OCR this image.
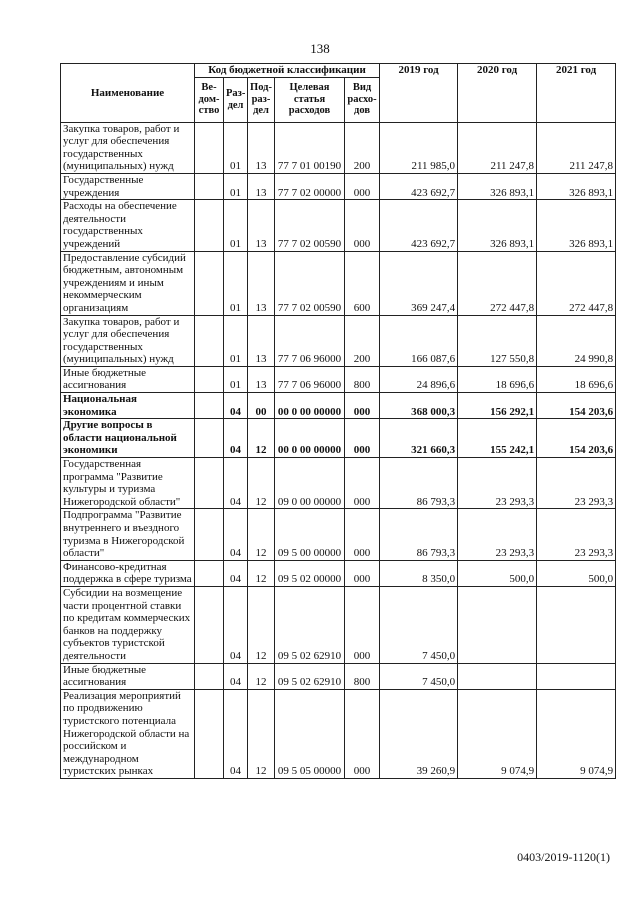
138
Наименование	Код бюджетной классификации					2019 год	2020 год	2021 год
	Ве-дом-ство	Раз-дел	Под-раз-дел	Целевая статья расходов	Вид расхо-дов			
Закупка товаров, работ и услуг для обеспечения государственных (муниципальных) нужд		01	13	77 7 01 00190	200	211 985,0	211 247,8	211 247,8
Государственные учреждения		01	13	77 7 02 00000	000	423 692,7	326 893,1	326 893,1
Расходы на обеспечение деятельности государственных учреждений		01	13	77 7 02 00590	000	423 692,7	326 893,1	326 893,1
Предоставление субсидий бюджетным, автономным учреждениям и иным некоммерческим организациям		01	13	77 7 02 00590	600	369 247,4	272 447,8	272 447,8
Закупка товаров, работ и услуг для обеспечения государственных (муниципальных) нужд		01	13	77 7 06 96000	200	166 087,6	127 550,8	24 990,8
Иные бюджетные ассигнования		01	13	77 7 06 96000	800	24 896,6	18 696,6	18 696,6
Национальная экономика		04	00	00 0 00 00000	000	368 000,3	156 292,1	154 203,6
Другие вопросы в области национальной экономики		04	12	00 0 00 00000	000	321 660,3	155 242,1	154 203,6
Государственная программа "Развитие культуры и туризма Нижегородской области"		04	12	09 0 00 00000	000	86 793,3	23 293,3	23 293,3
Подпрограмма "Развитие внутреннего и въездного туризма в Нижегородской области"		04	12	09 5 00 00000	000	86 793,3	23 293,3	23 293,3
Финансово-кредитная поддержка в сфере туризма		04	12	09 5 02 00000	000	8 350,0	500,0	500,0
Субсидии на возмещение части процентной ставки по кредитам коммерческих банков на поддержку субъектов туристской деятельности		04	12	09 5 02 62910	000	7 450,0		
Иные бюджетные ассигнования		04	12	09 5 02 62910	800	7 450,0		
Реализация мероприятий по продвижению туристского потенциала Нижегородской области на российском и международном туристских рынках		04	12	09 5 05 00000	000	39 260,9	9 074,9	9 074,9
0403/2019-1120(1)
